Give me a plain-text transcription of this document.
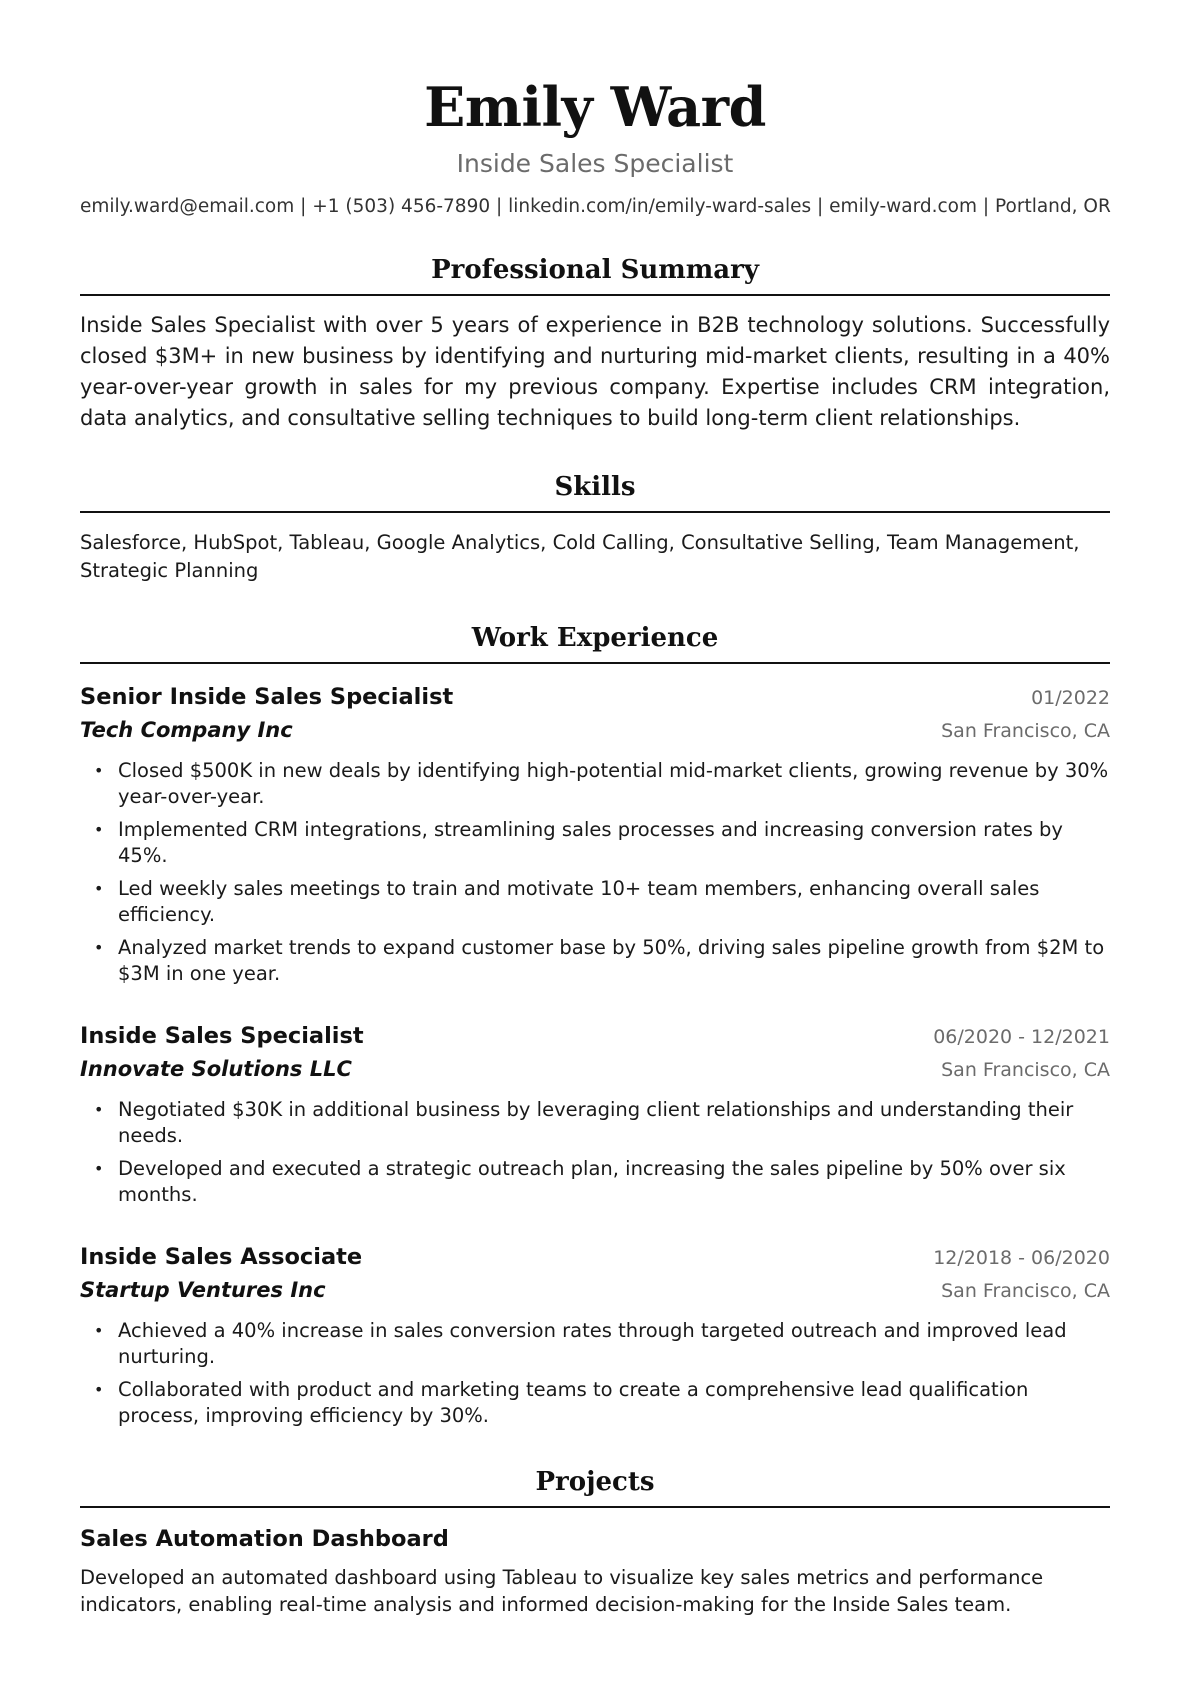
Emily Ward
Inside Sales Specialist
emily.ward@email.com | +1 (503) 456-7890 | linkedin.com/in/emily-ward-sales | emily-ward.com | Portland, OR
Professional Summary
Inside Sales Specialist with over 5 years of experience in B2B technology solutions. Successfully closed $3M+ in new business by identifying and nurturing mid-market clients, resulting in a 40% year-over-year growth in sales for my previous company. Expertise includes CRM integration, data analytics, and consultative selling techniques to build long-term client relationships.
Skills
Salesforce, HubSpot, Tableau, Google Analytics, Cold Calling, Consultative Selling, Team Management, Strategic Planning
Work Experience
Senior Inside Sales Specialist	01/2022
Tech Company Inc	San Francisco, CA
• Closed $500K in new deals by identifying high-potential mid-market clients, growing revenue by 30% year-over-year.
• Implemented CRM integrations, streamlining sales processes and increasing conversion rates by 45%.
• Led weekly sales meetings to train and motivate 10+ team members, enhancing overall sales efficiency.
• Analyzed market trends to expand customer base by 50%, driving sales pipeline growth from $2M to $3M in one year.
Inside Sales Specialist	06/2020 - 12/2021
Innovate Solutions LLC	San Francisco, CA
• Negotiated $30K in additional business by leveraging client relationships and understanding their needs.
• Developed and executed a strategic outreach plan, increasing the sales pipeline by 50% over six months.
Inside Sales Associate	12/2018 - 06/2020
Startup Ventures Inc	San Francisco, CA
• Achieved a 40% increase in sales conversion rates through targeted outreach and improved lead nurturing.
• Collaborated with product and marketing teams to create a comprehensive lead qualification process, improving efficiency by 30%.
Projects
Sales Automation Dashboard
Developed an automated dashboard using Tableau to visualize key sales metrics and performance indicators, enabling real-time analysis and informed decision-making for the Inside Sales team.
